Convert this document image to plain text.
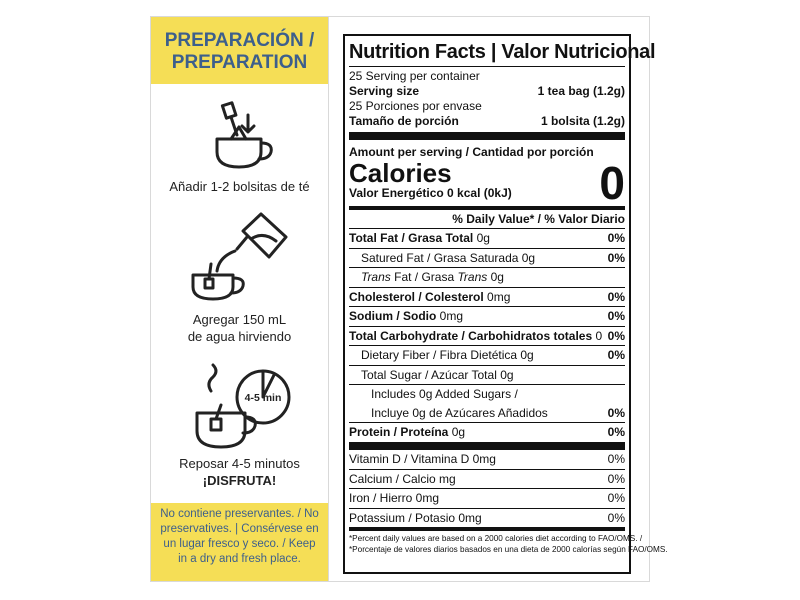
PREPARACIÓN /
PREPARATION
Añadir 1-2 bolsitas de té
Agregar 150 mL
de agua hirviendo
4-5 min
Reposar 4-5 minutos
¡DISFRUTA!
No contiene preservantes. / No preservatives. | Consérvese en un lugar fresco y seco. / Keep in a dry and fresh place.
Nutrition Facts | Valor Nutricional
25 Serving per container
Serving size	1 tea bag (1.2g)
25 Porciones por envase
Tamaño de porción	1 bolsita (1.2g)
Amount per serving / Cantidad por porción
Calories
Valor Energético 0 kcal (0kJ) 0
% Daily Value* / % Valor Diario
Total Fat / Grasa Total 0g	0%
Satured Fat / Grasa Saturada 0g	0%
Trans Fat / Grasa Trans 0g
Cholesterol / Colesterol 0mg	0%
Sodium / Sodio 0mg	0%
Total Carbohydrate / Carbohidratos totales 0 0%
Dietary Fiber / Fibra Dietética 0g	0%
Total Sugar / Azúcar Total 0g
Includes 0g Added Sugars /
Incluye 0g de Azúcares Añadidos	0%
Protein / Proteína 0g	0%
Vitamin D / Vitamina D 0mg	0%
Calcium / Calcio mg	0%
Iron / Hierro 0mg	0%
Potassium / Potasio 0mg	0%
*Percent daily values are based on a 2000 calories diet according to FAO/OMS. /
*Porcentaje de valores diarios basados en una dieta de 2000 calorías según FAO/OMS.
